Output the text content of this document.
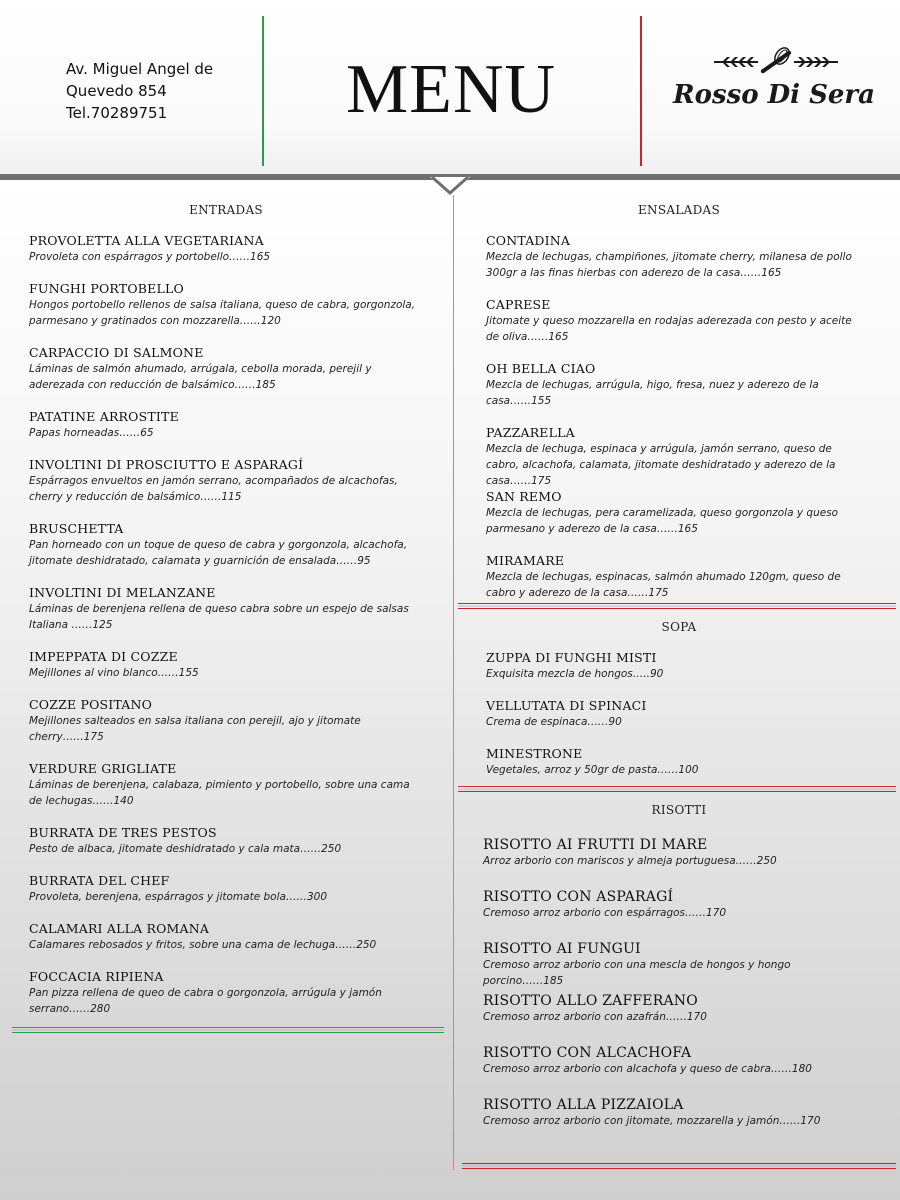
Av. Miguel Angel de
Quevedo 854
Tel.70289751	MENU	Rosso Di Sera
ENTRADAS	ENSALADAS
SOPA
RISOTTI
PROVOLETTA ALLA VEGETARIANA
Provoleta con espárragos y portobello……165
FUNGHI PORTOBELLO
Hongos portobello rellenos de salsa italiana, queso de cabra, gorgonzola, parmesano y gratinados con mozzarella……120
CARPACCIO DI SALMONE
Láminas de salmón ahumado, arrúgala, cebolla morada, perejil y aderezada con reducción de balsámico……185
PATATINE ARROSTITE
Papas horneadas……65
INVOLTINI DI PROSCIUTTO E ASPARAGÍ
Espárragos envueltos en jamón serrano, acompañados de alcachofas, cherry y reducción de balsámico……115
BRUSCHETTA
Pan horneado con un toque de queso de cabra y gorgonzola, alcachofa, jitomate deshidratado, calamata y guarnición de ensalada……95
INVOLTINI DI MELANZANE
Láminas de berenjena rellena de queso cabra sobre un espejo de salsas Italiana ……125
IMPEPPATA DI COZZE
Mejillones al vino blanco……155
COZZE POSITANO
Mejillones salteados en salsa italiana con perejil, ajo y jitomate cherry……175
VERDURE GRIGLIATE
Láminas de berenjena, calabaza, pimiento y portobello, sobre una cama de lechugas……140
BURRATA DE TRES PESTOS
Pesto de albaca, jitomate deshidratado y cala mata……250
BURRATA DEL CHEF
Provoleta, berenjena, espárragos y jitomate bola……300
CALAMARI ALLA ROMANA
Calamares rebosados y fritos, sobre una cama de lechuga……250
FOCCACIA RIPIENA
Pan pizza rellena de queo de cabra o gorgonzola, arrúgula y jamón serrano……280
CONTADINA
Mezcla de lechugas, champiñones, jitomate cherry, milanesa de pollo 300gr a las finas hierbas con aderezo de la casa……165
CAPRESE
Jitomate y queso mozzarella en rodajas aderezada con pesto y aceite de oliva……165
OH BELLA CIAO
Mezcla de lechugas, arrúgula, higo, fresa, nuez y aderezo de la casa……155
PAZZARELLA
Mezcla de lechuga, espinaca y arrúgula, jamón serrano, queso de cabro, alcachofa, calamata, jitomate deshidratado y aderezo de la casa……175
SAN REMO
Mezcla de lechugas, pera caramelizada, queso gorgonzola y queso parmesano y aderezo de la casa……165
MIRAMARE
Mezcla de lechugas, espinacas, salmón ahumado 120gm, queso de cabro y aderezo de la casa……175
ZUPPA DI FUNGHI MISTI
Exquisita mezcla de hongos…..90
VELLUTATA DI SPINACI
Crema de espinaca……90
MINESTRONE
Vegetales, arroz y 50gr de pasta……100
RISOTTO AI FRUTTI DI MARE
Arroz arborio con mariscos y almeja portuguesa……250
RISOTTO CON ASPARAGÍ
Cremoso arroz arborio con espárragos……170
RISOTTO AI FUNGUI
Cremoso arroz arborio con una mescla de hongos y hongo porcino……185
RISOTTO ALLO ZAFFERANO
Cremoso arroz arborio con azafrán……170
RISOTTO CON ALCACHOFA
Cremoso arroz arborio con alcachofa y queso de cabra……180
RISOTTO ALLA PIZZAIOLA
Cremoso arroz arborio con jitomate, mozzarella y jamón……170
